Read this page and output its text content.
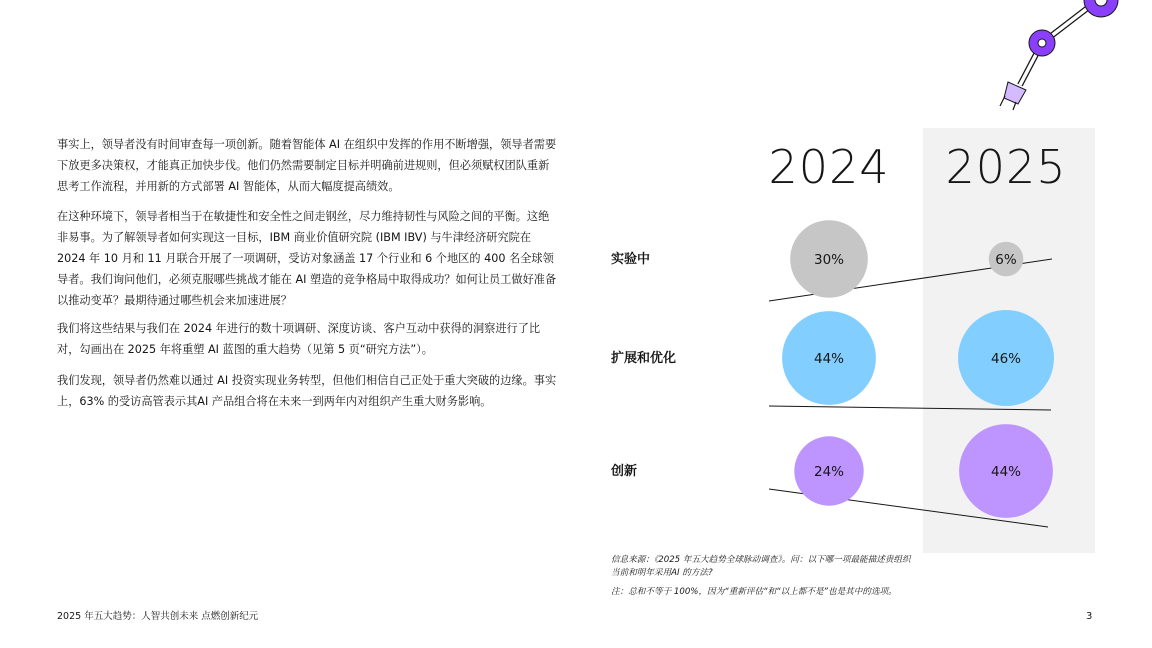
事实上，领导者没有时间审查每一项创新。随着智能体 AI 在组织中发挥的作用不断增强，领导者需要下放更多决策权，才能真正加快步伐。他们仍然需要制定目标并明确前进规则，但必须赋权团队重新思考工作流程，并用新的方式部署 AI 智能体，从而大幅度提高绩效。

在这种环境下，领导者相当于在敏捷性和安全性之间走钢丝，尽力维持韧性与风险之间的平衡。这绝非易事。为了解领导者如何实现这一目标，IBM 商业价值研究院 (IBM IBV) 与牛津经济研究院在 2024 年 10 月和 11 月联合开展了一项调研，受访对象涵盖 17 个行业和 6 个地区的 400 名全球领导者。我们询问他们，必须克服哪些挑战才能在 AI 塑造的竞争格局中取得成功？如何让员工做好准备以推动变革？最期待通过哪些机会来加速进展？

我们将这些结果与我们在 2024 年进行的数十项调研、深度访谈、客户互动中获得的洞察进行了比对，勾画出在 2025 年将重塑 AI 蓝图的重大趋势（见第 5 页“研究方法”）。

我们发现，领导者仍然难以通过 AI 投资实现业务转型，但他们相信自己正处于重大突破的边缘。事实上，63% 的受访高管表示其AI 产品组合将在未来一到两年内对组织产生重大财务影响。

2024 2025
实验中
扩展和优化
创新
30%
44%
24%
6%
46%
44%

信息来源：《2025 年五大趋势全球脉动调查》。问：以下哪一项最能描述贵组织当前和明年采用AI 的方法?

注：总和不等于 100%，因为“重新评估“和“以上都不是”也是其中的选项。

2025 年五大趋势：人智共创未来 点燃创新纪元	3
